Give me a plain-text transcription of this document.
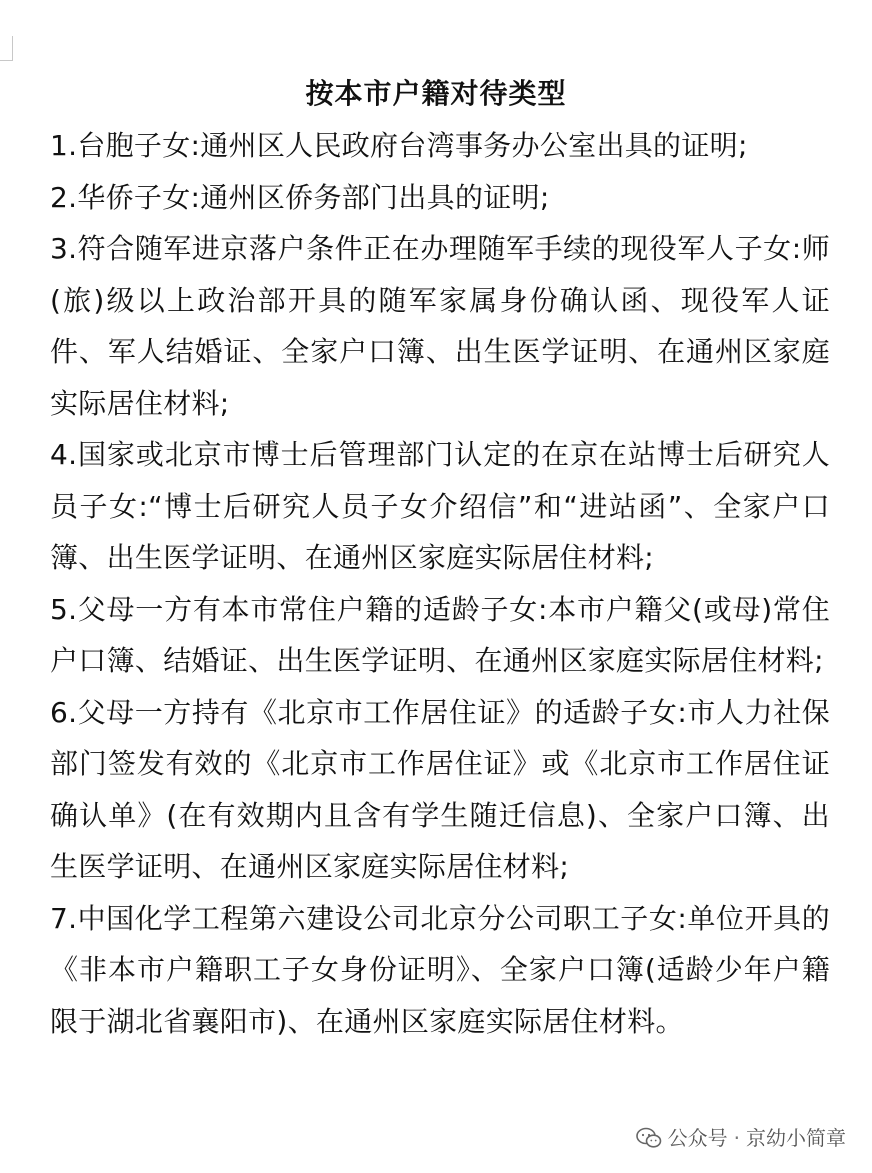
按本市户籍对待类型
1.台胞子女:通州区人民政府台湾事务办公室出具的证明;
2.华侨子女:通州区侨务部门出具的证明;
3.符合随军进京落户条件正在办理随军手续的现役军人子女:师(旅)级以上政治部开具的随军家属身份确认函、现役军人证件、军人结婚证、全家户口簿、出生医学证明、在通州区家庭实际居住材料;
4.国家或北京市博士后管理部门认定的在京在站博士后研究人员子女:“博士后研究人员子女介绍信”和“进站函”、全家户口簿、出生医学证明、在通州区家庭实际居住材料;
5.父母一方有本市常住户籍的适龄子女:本市户籍父(或母)常住户口簿、结婚证、出生医学证明、在通州区家庭实际居住材料;
6.父母一方持有《北京市工作居住证》的适龄子女:市人力社保部门签发有效的《北京市工作居住证》或《北京市工作居住证确认单》(在有效期内且含有学生随迁信息)、全家户口簿、出生医学证明、在通州区家庭实际居住材料;
7.中国化学工程第六建设公司北京分公司职工子女:单位开具的《非本市户籍职工子女身份证明》、全家户口簿(适龄少年户籍限于湖北省襄阳市)、在通州区家庭实际居住材料。
公众号 · 京幼小简章
